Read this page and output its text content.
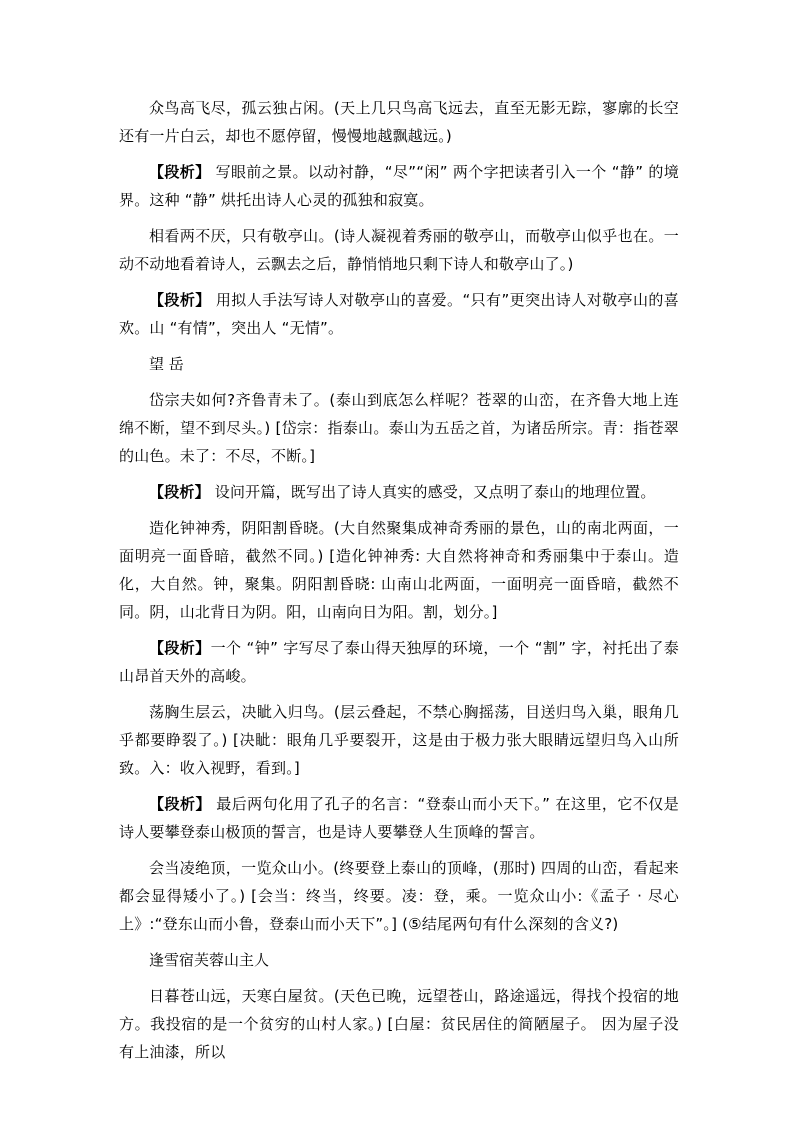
众鸟高飞尽，孤云独占闲。(天上几只鸟高飞远去，直至无影无踪，寥廓的长空还有一片白云，却也不愿停留，慢慢地越飘越远。)

【段析】 写眼前之景。以动衬静，“尽”“闲” 两个字把读者引入一个 “静” 的境界。这种 “静” 烘托出诗人心灵的孤独和寂寞。

相看两不厌，只有敬亭山。(诗人凝视着秀丽的敬亭山，而敬亭山似乎也在。一动不动地看着诗人，云飘去之后，静悄悄地只剩下诗人和敬亭山了。)

【段析】 用拟人手法写诗人对敬亭山的喜爱。“只有”更突出诗人对敬亭山的喜欢。山 “有情”，突出人 “无情”。

望 岳

岱宗夫如何?齐鲁青未了。(泰山到底怎么样呢？苍翠的山峦，在齐鲁大地上连绵不断，望不到尽头。) [岱宗：指泰山。泰山为五岳之首，为诸岳所宗。青：指苍翠的山色。未了：不尽，不断。]

【段析】 设问开篇，既写出了诗人真实的感受，又点明了泰山的地理位置。

造化钟神秀，阴阳割昏晓。(大自然聚集成神奇秀丽的景色，山的南北两面，一面明亮一面昏暗，截然不同。) [造化钟神秀: 大自然将神奇和秀丽集中于泰山。造化，大自然。钟，聚集。阴阳割昏晓: 山南山北两面，一面明亮一面昏暗，截然不同。阴，山北背日为阴。阳，山南向日为阳。割，划分。]

【段析】一个 “钟” 字写尽了泰山得天独厚的环境，一个 “割” 字，衬托出了泰山昂首天外的高峻。

荡胸生层云，决眦入归鸟。(层云叠起，不禁心胸摇荡，目送归鸟入巢，眼角几乎都要睁裂了。) [决眦：眼角几乎要裂开，这是由于极力张大眼睛远望归鸟入山所致。入：收入视野，看到。]

【段析】 最后两句化用了孔子的名言：“登泰山而小天下。” 在这里，它不仅是诗人要攀登泰山极顶的誓言，也是诗人要攀登人生顶峰的誓言。

会当凌绝顶，一览众山小。(终要登上泰山的顶峰，(那时) 四周的山峦，看起来都会显得矮小了。) [会当：终当，终要。凌：登，乘。一览众山小:《孟子 · 尽心上》:“登东山而小鲁，登泰山而小天下”。] (⑤结尾两句有什么深刻的含义?)

逢雪宿芙蓉山主人

日暮苍山远，天寒白屋贫。(天色已晚，远望苍山，路途遥远，得找个投宿的地方。我投宿的是一个贫穷的山村人家。) [白屋：贫民居住的简陋屋子。 因为屋子没有上油漆，所以
